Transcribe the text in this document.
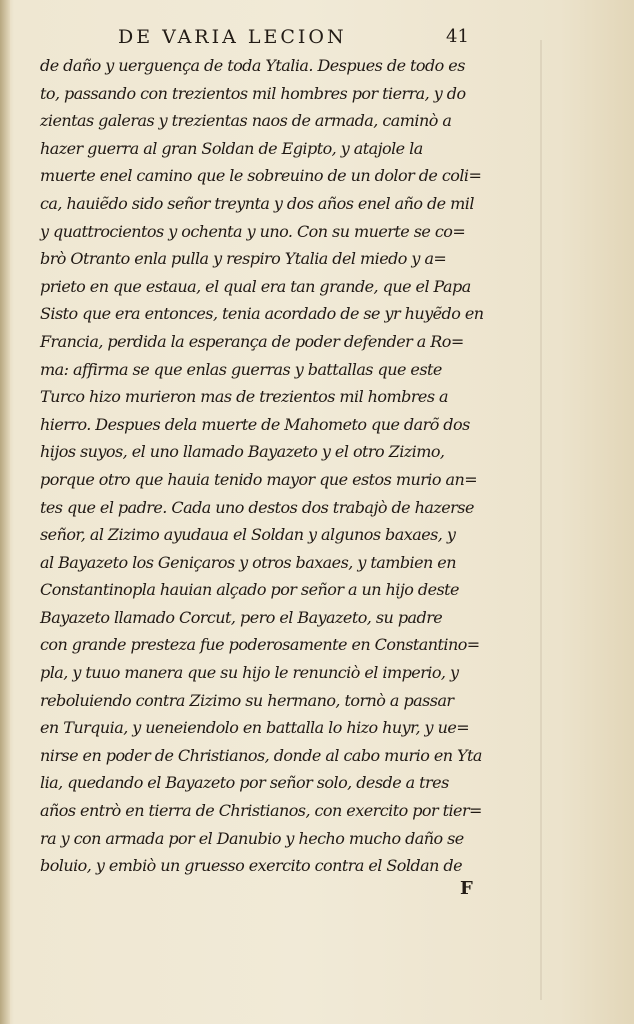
DE VARIA LECION	41
de daño y uerguença de toda Ytalia. Despues de todo es
to, passando con trezientos mil hombres por tierra, y do
zientas galeras y trezientas naos de armada, caminò a
hazer guerra al gran Soldan de Egipto, y atajole la
muerte enel camino que le sobreuino de un dolor de coli=
ca, hauiẽdo sido señor treynta y dos años enel año de mil
y quattrocientos y ochenta y uno. Con su muerte se co=
brò Otranto enla pulla y respiro Ytalia del miedo y a=
prieto en que estaua, el qual era tan grande, que el Papa
Sisto que era entonces, tenia acordado de se yr huyẽdo en
Francia, perdida la esperança de poder defender a Ro=
ma: affirma se que enlas guerras y battallas que este
Turco hizo murieron mas de trezientos mil hombres a
hierro. Despues dela muerte de Mahometo que darõ dos
hijos suyos, el uno llamado Bayazeto y el otro Zizimo,
porque otro que hauia tenido mayor que estos murio an=
tes que el padre. Cada uno destos dos trabajò de hazerse
señor, al Zizimo ayudaua el Soldan y algunos baxaes, y
al Bayazeto los Geniçaros y otros baxaes, y tambien en
Constantinopla hauian alçado por señor a un hijo deste
Bayazeto llamado Corcut, pero el Bayazeto, su padre
con grande presteza fue poderosamente en Constantino=
pla, y tuuo manera que su hijo le renunciò el imperio, y
reboluiendo contra Zizimo su hermano, tornò a passar
en Turquia, y ueneiendolo en battalla lo hizo huyr, y ue=
nirse en poder de Christianos, donde al cabo murio en Yta
lia, quedando el Bayazeto por señor solo, desde a tres
años entrò en tierra de Christianos, con exercito por tier=
ra y con armada por el Danubio y hecho mucho daño se
boluio, y embiò un gruesso exercito contra el Soldan de
F
